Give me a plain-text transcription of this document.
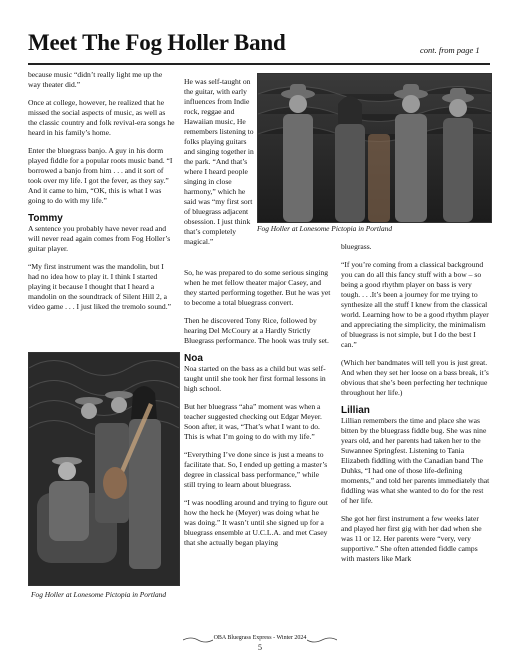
Meet The Fog Holler Band	cont. from page 1

because music “didn’t really light me up the way theater did.”

Once at college, however, he realized that he missed the social aspects of music, as well as the classic country and folk revival-era songs he heard in his family’s home.

Enter the bluegrass banjo. A guy in his dorm played fiddle for a popular roots music band. “I borrowed a banjo from him . . . and it sort of took over my life. I got the fever, as they say.” And it came to him, “OK, this is what I was going to do with my life.”

Tommy

A sentence you probably have never read and will never read again comes from Fog Holler’s guitar player.

“My first instrument was the mandolin, but I had no idea how to play it. I think I started playing it because I thought that I heard a mandolin on the soundtrack of Silent Hill 2, a video game . . . I just liked the tremolo sound.”

He was self-taught on the guitar, with early influences from Indie rock, reggae and Hawaiian music, He remembers listening to folks playing guitars and singing together in the park. “And that’s where I heard people singing in close harmony,” which he said was “my first sort of bluegrass adjacent obsession. I just think that’s completely magical.”

So, he was prepared to do some serious singing when he met fellow theater major Casey, and they started performing together. But he was yet to become a total bluegrass convert.

Then he discovered Tony Rice, followed by hearing Del McCoury at a Hardly Strictly Bluegrass performance. The hook was truly set.

Noa

Noa started on the bass as a child but was self-taught until she took her first formal lessons in high school.

But her bluegrass “aha” moment was when a teacher suggested checking out Edgar Meyer. Soon after, it was, “That’s what I want to do. This is what I’m going to do with my life.”

“Everything I’ve done since is just a means to facilitate that. So, I ended up getting a master’s degree in classical bass performance,” while still trying to learn about bluegrass.

“I was noodling around and trying to figure out how the heck he (Meyer) was doing what he was doing.” It wasn’t until she signed up for a bluegrass ensemble at U.C.L.A. and met Casey that she actually began playing

bluegrass.

“If you’re coming from a classical background you can do all this fancy stuff with a bow – so being a good rhythm player on bass is very tough. . . .It’s been a journey for me trying to synthesize all the stuff I knew from the classical world. Learning how to be a good rhythm player and appreciating the simplicity, the minimalism of bluegrass is not simple, but I do the best I can.”

(Which her bandmates will tell you is just great. And when they set her loose on a bass break, it’s obvious that she’s been perfecting her technique throughout her life.)

Lillian

Lillian remembers the time and place she was bitten by the bluegrass fiddle bug. She was nine years old, and her parents had taken her to the Suwannee Springfest. Listening to Tania Elizabeth fiddling with the Canadian band The Duhks, “I had one of those life-defining moments,” and told her parents immediately that fiddling was what she wanted to do for the rest of her life.

She got her first instrument a few weeks later and played her first gig with her dad when she was 11 or 12. Her parents were “very, very supportive.” She often attended fiddle camps with masters like Mark

Fog Holler at Lonesome Pictopia in Portland
Fog Holler at Lonesome Pictopia in Portland
OBA Bluegrass Express - Winter 2024
5
